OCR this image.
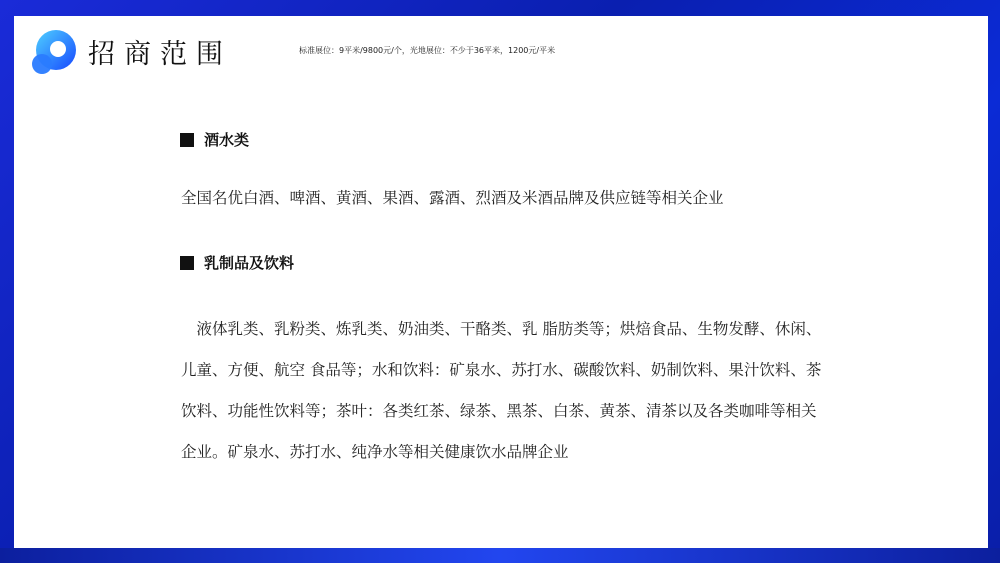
招商范围	标准展位：9平米/9800元/个，光地展位：不少于36平米，1200元/平米
酒水类
全国名优白酒、啤酒、黄酒、果酒、露酒、烈酒及米酒品牌及供应链等相关企业
乳制品及饮料

　液体乳类、乳粉类、炼乳类、奶油类、干酪类、乳 脂肪类等；烘焙食品、生物发酵、休闲、

儿童、方便、航空 食品等；水和饮料：矿泉水、苏打水、碳酸饮料、奶制饮料、果汁饮料、茶

饮料、功能性饮料等；茶叶：各类红茶、绿茶、黑茶、白茶、黄茶、清茶以及各类咖啡等相关

企业。矿泉水、苏打水、纯净水等相关健康饮水品牌企业
